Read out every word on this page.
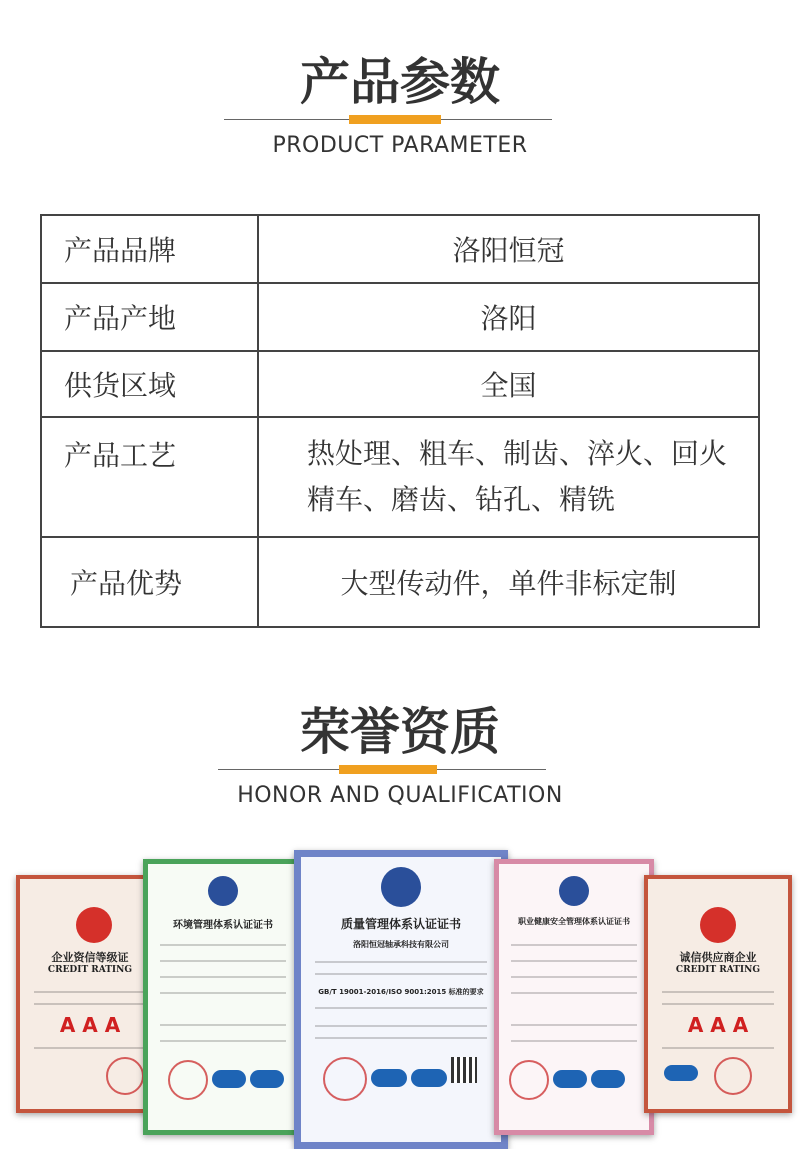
产品参数
PRODUCT PARAMETER
产品品牌	洛阳恒冠
产品产地	洛阳
供货区域	全国
产品工艺	热处理、粗车、制齿、淬火、回火
精车、磨齿、钻孔、精铣

产品优势	大型传动件，单件非标定制
荣誉资质
HONOR AND QUALIFICATION
企业资信等级证
CREDIT RATING
A A A
环境管理体系认证证书	质量管理体系认证证书
洛阳恒冠轴承科技有限公司
GB/T 19001-2016/ISO 9001:2015 标准的要求
职业健康安全管理体系认证证书
诚信供应商企业
CREDIT RATING
A A A
